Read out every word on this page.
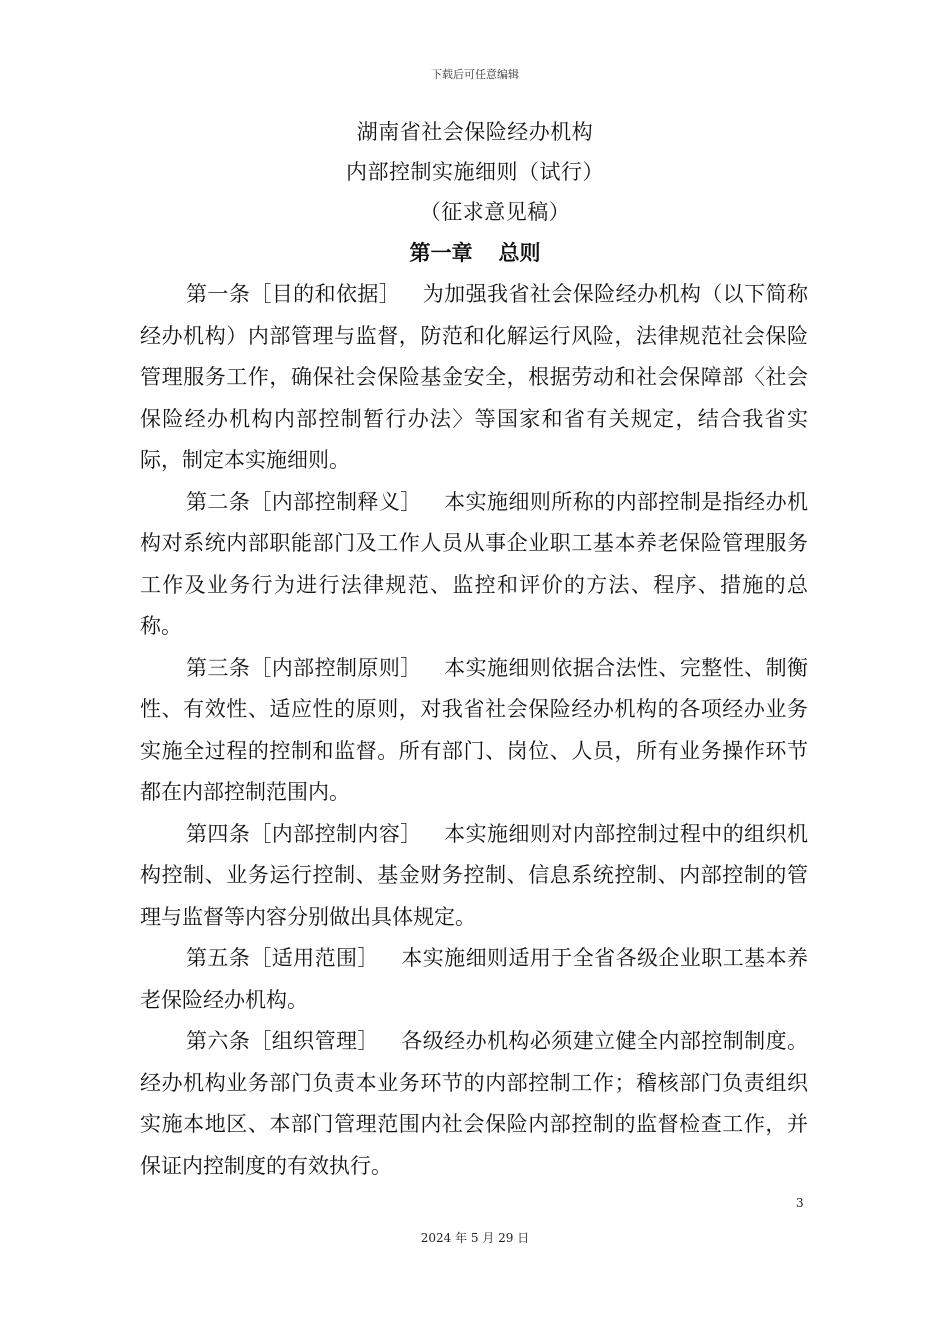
下载后可任意编辑
湖南省社会保险经办机构
内部控制实施细则（试行）
（征求意见稿）
第一章 总则

第一条［目的和依据］ 为加强我省社会保险经办机构（以下简称经办机构）内部管理与监督，防范和化解运行风险，法律规范社会保险管理服务工作，确保社会保险基金安全，根据劳动和社会保障部〈社会保险经办机构内部控制暂行办法〉等国家和省有关规定，结合我省实际，制定本实施细则。

第二条［内部控制释义］ 本实施细则所称的内部控制是指经办机构对系统内部职能部门及工作人员从事企业职工基本养老保险管理服务工作及业务行为进行法律规范、监控和评价的方法、程序、措施的总称。

第三条［内部控制原则］ 本实施细则依据合法性、完整性、制衡性、有效性、适应性的原则，对我省社会保险经办机构的各项经办业务实施全过程的控制和监督。所有部门、岗位、人员，所有业务操作环节都在内部控制范围内。

第四条［内部控制内容］ 本实施细则对内部控制过程中的组织机构控制、业务运行控制、基金财务控制、信息系统控制、内部控制的管理与监督等内容分别做出具体规定。

第五条［适用范围］ 本实施细则适用于全省各级企业职工基本养老保险经办机构。

第六条［组织管理］ 各级经办机构必须建立健全内部控制制度。经办机构业务部门负责本业务环节的内部控制工作；稽核部门负责组织实施本地区、本部门管理范围内社会保险内部控制的监督检查工作，并保证内控制度的有效执行。

3
2024 年 5 月 29 日
